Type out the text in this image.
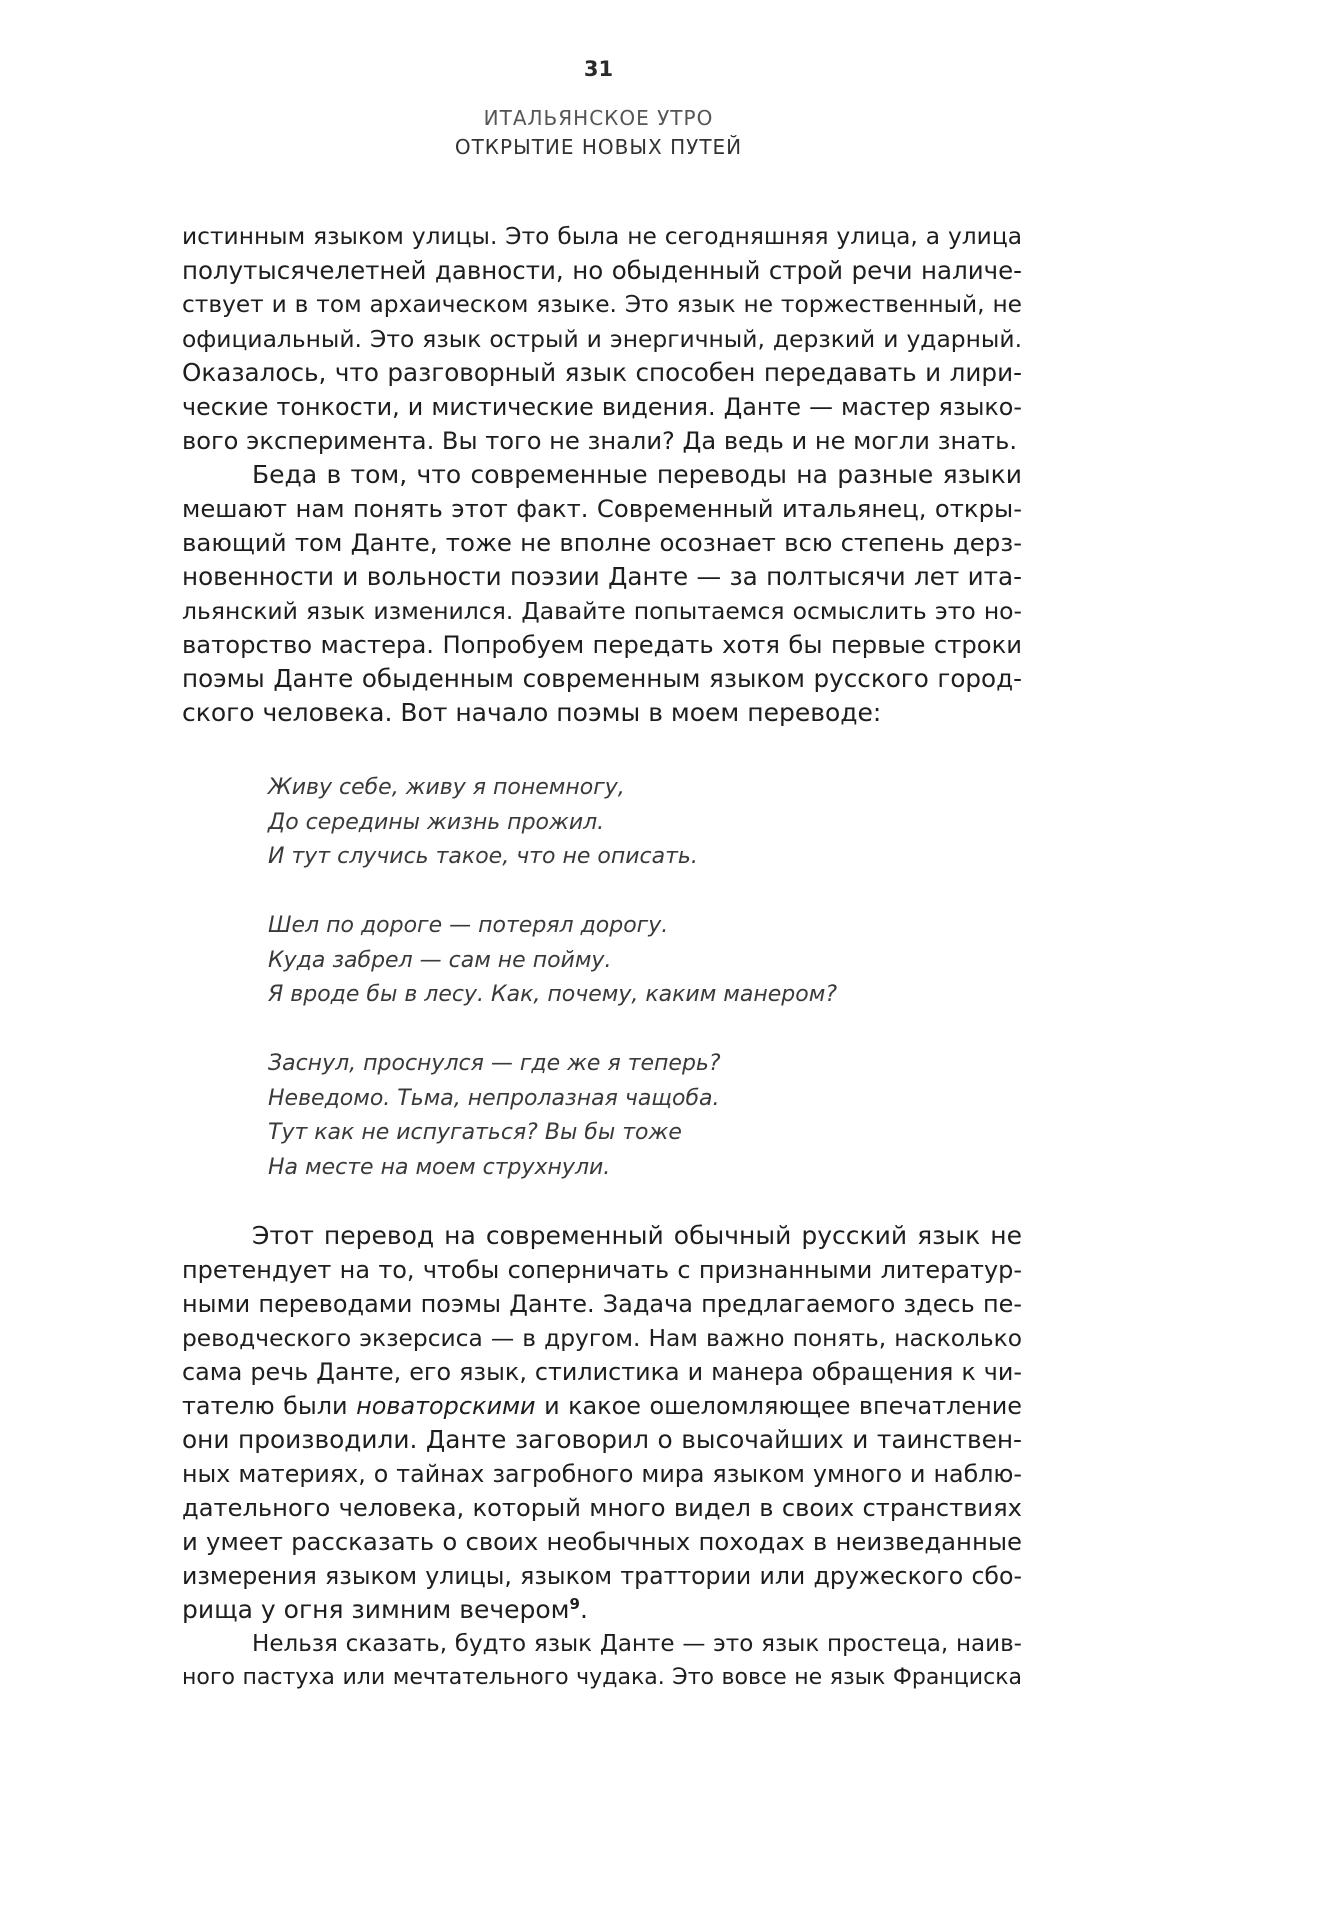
31
ИТАЛЬЯНСКОЕ УТРО
ОТКРЫТИЕ НОВЫХ ПУТЕЙ

истинным языком улицы. Это была не сегодняшняя улица, а улица
полутысячелетней давности, но обыденный строй речи наличе-
ствует и в том архаическом языке. Это язык не торжественный, не
официальный. Это язык острый и энергичный, дерзкий и ударный.
Оказалось, что разговорный язык способен передавать и лири-
ческие тонкости, и мистические видения. Данте — мастер языко-
вого эксперимента. Вы того не знали? Да ведь и не могли знать.

Беда в том, что современные переводы на разные языки
мешают нам понять этот факт. Современный итальянец, откры-
вающий том Данте, тоже не вполне осознает всю степень дерз-
новенности и вольности поэзии Данте — за полтысячи лет ита-
льянский язык изменился. Давайте попытаемся осмыслить это но-
ваторство мастера. Попробуем передать хотя бы первые строки
поэмы Данте обыденным современным языком русского город-
ского человека. Вот начало поэмы в моем переводе:

Живу себе, живу я понемногу,
До середины жизнь прожил.
И тут случись такое, что не описать.
Шел по дороге — потерял дорогу.
Куда забрел — сам не пойму.
Я вроде бы в лесу. Как, почему, каким манером?
Заснул, проснулся — где же я теперь?
Неведомо. Тьма, непролазная чащоба.
Тут как не испугаться? Вы бы тоже
На месте на моем струхнули.

Этот перевод на современный обычный русский язык не
претендует на то, чтобы соперничать с признанными литератур-
ными переводами поэмы Данте. Задача предлагаемого здесь пе-
реводческого экзерсиса — в другом. Нам важно понять, насколько
сама речь Данте, его язык, стилистика и манера обращения к чи-
тателю были новаторскими и какое ошеломляющее впечатление
они производили. Данте заговорил о высочайших и таинствен-
ных материях, о тайнах загробного мира языком умного и наблю-
дательного человека, который много видел в своих странствиях
и умеет рассказать о своих необычных походах в неизведанные
измерения языком улицы, языком траттории или дружеского сбо-
рища у огня зимним вечером$^9$.

Нельзя сказать, будто язык Данте — это язык простеца, наив-
ного пастуха или мечтательного чудака. Это вовсе не язык Франциска
